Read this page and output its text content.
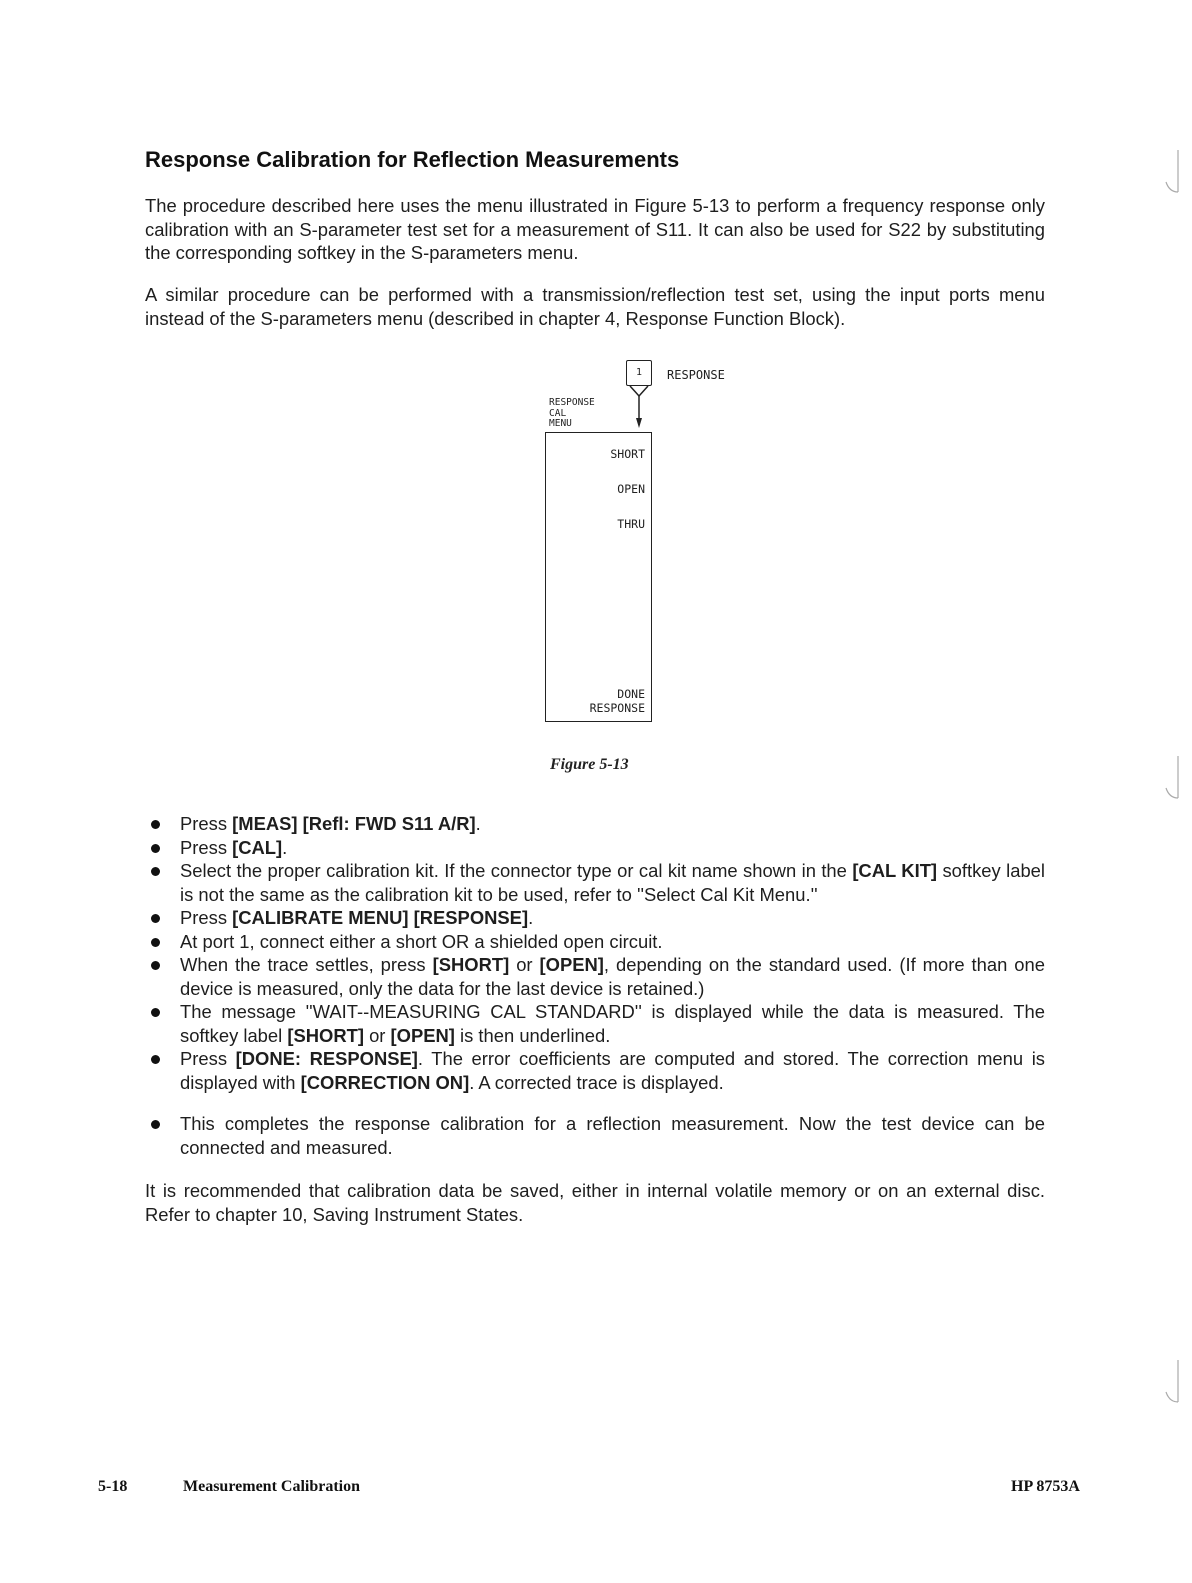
Response Calibration for Reflection Measurements

The procedure described here uses the menu illustrated in Figure 5-13 to perform a frequency response only calibration with an S-parameter test set for a measurement of S11. It can also be used for S22 by substituting the corresponding softkey in the S-parameters menu.

A similar procedure can be performed with a transmission/reflection test set, using the input ports menu instead of the S-parameters menu (described in chapter 4, Response Function Block).

1	RESPONSE
RESPONSE
CAL
MENU
SHORT
OPEN
THRU
DONE
RESPONSE

Figure 5-13

Press [MEAS] [Refl: FWD S11 A/R].
Press [CAL].
Select the proper calibration kit. If the connector type or cal kit name shown in the [CAL KIT] softkey label is not the same as the calibration kit to be used, refer to ''Select Cal Kit Menu.''
Press [CALIBRATE MENU] [RESPONSE].
At port 1, connect either a short OR a shielded open circuit.
When the trace settles, press [SHORT] or [OPEN], depending on the standard used. (If more than one device is measured, only the data for the last device is retained.)
The message ''WAIT--MEASURING CAL STANDARD'' is displayed while the data is measured. The softkey label [SHORT] or [OPEN] is then underlined.
Press [DONE: RESPONSE]. The error coefficients are computed and stored. The correction menu is displayed with [CORRECTION ON]. A corrected trace is displayed.
This completes the response calibration for a reflection measurement. Now the test device can be connected and measured.

It is recommended that calibration data be saved, either in internal volatile memory or on an external disc. Refer to chapter 10, Saving Instrument States.

5-18	Measurement Calibration	HP 8753A
